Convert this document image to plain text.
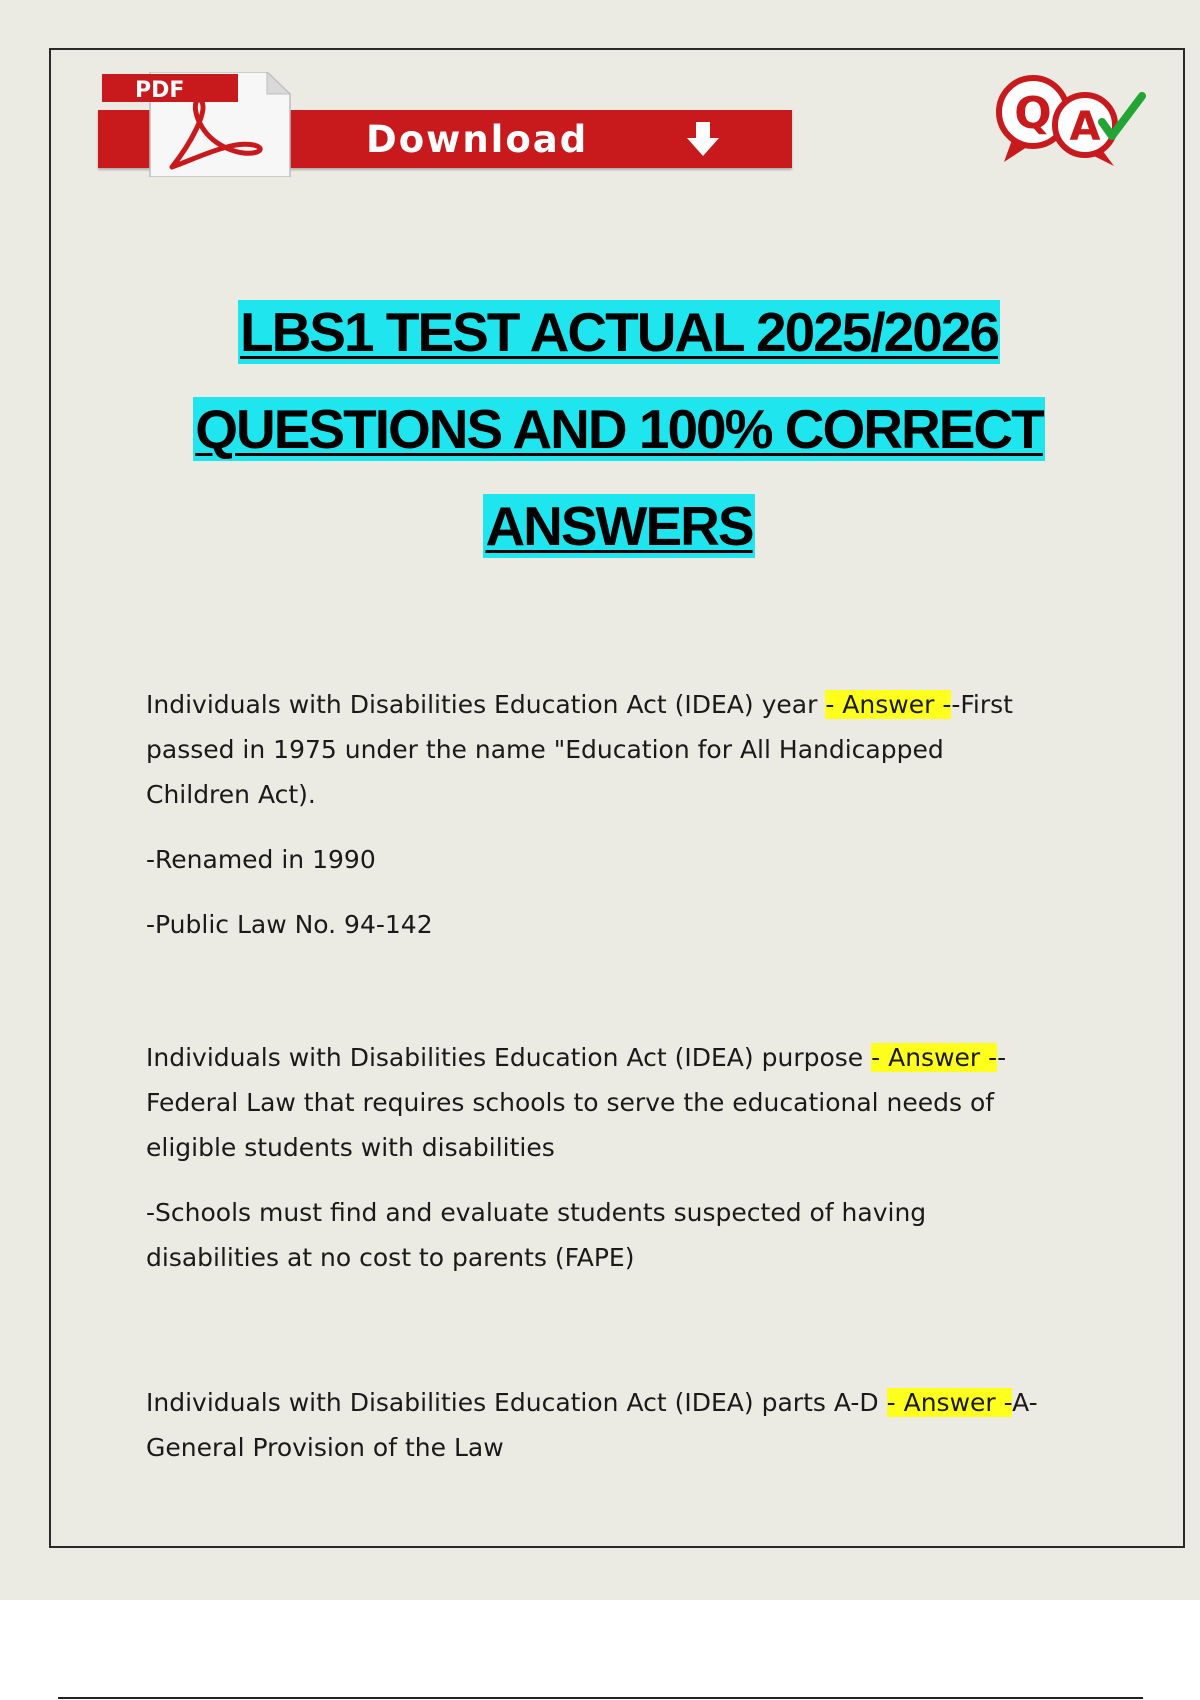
Download
PDF	Q A
LBS1 TEST ACTUAL 2025/2026
QUESTIONS AND 100% CORRECT
ANSWERS

Individuals with Disabilities Education Act (IDEA) year - Answer --First

passed in 1975 under the name "Education for All Handicapped

Children Act).

-Renamed in 1990

-Public Law No. 94-142

Individuals with Disabilities Education Act (IDEA) purpose - Answer --

Federal Law that requires schools to serve the educational needs of

eligible students with disabilities

-Schools must find and evaluate students suspected of having

disabilities at no cost to parents (FAPE)

Individuals with Disabilities Education Act (IDEA) parts A-D - Answer -A-

General Provision of the Law
